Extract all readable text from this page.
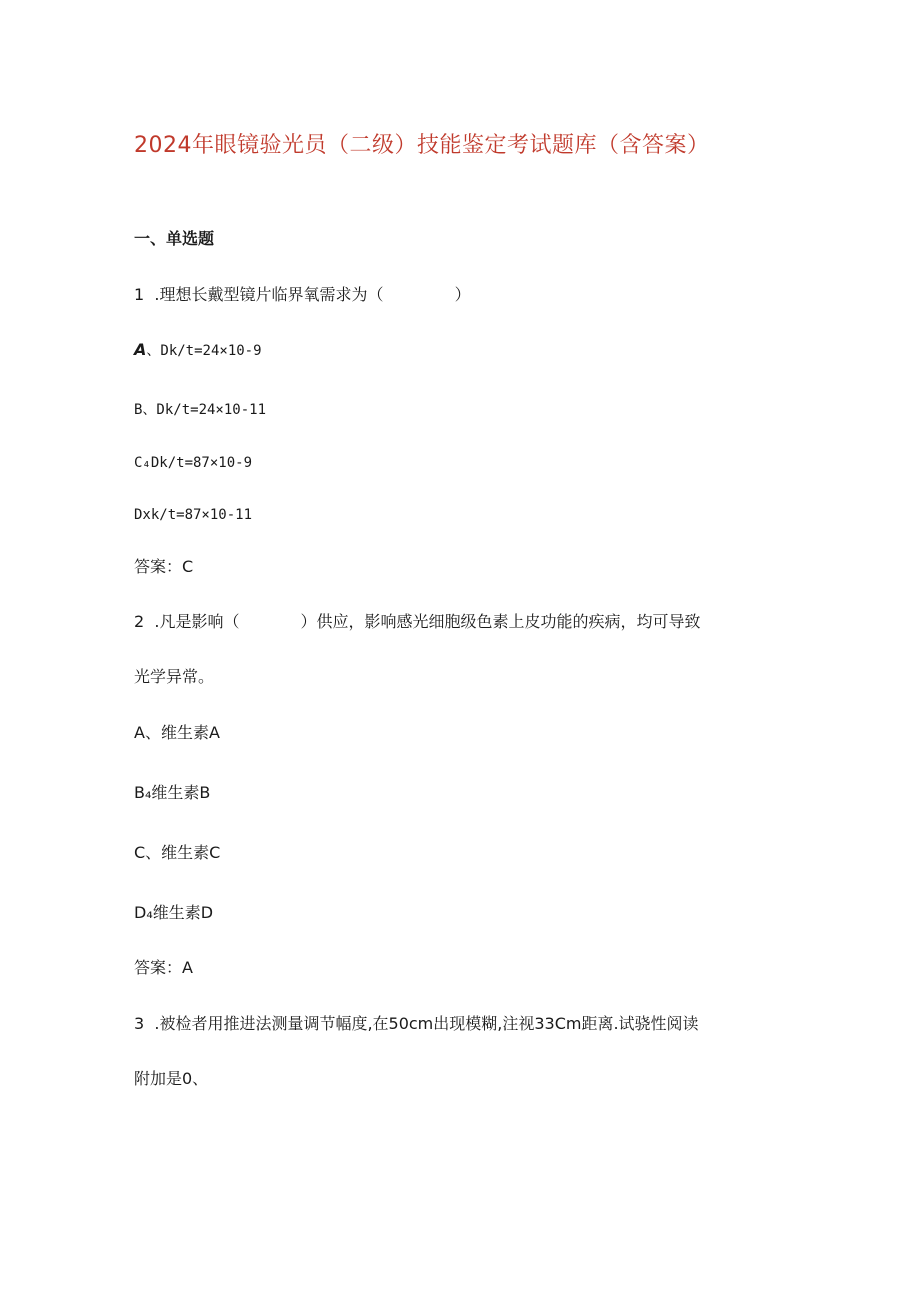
2024年眼镜验光员（二级）技能鉴定考试题库（含答案）
一、单选题
1  .理想长戴型镜片临界氧需求为（              ）
A、Dk/t=24×10-9
B、Dk/t=24×10-11
C₄Dk/t=87×10-9
Dxk/t=87×10-11
答案：C
2  .凡是影响（            ）供应，影响感光细胞级色素上皮功能的疾病，均可导致
光学异常。
A、维生素A
B₄维生素B
C、维生素C
D₄维生素D
答案：A
3  .被检者用推进法测量调节幅度,在50cm出现模糊,注视33Cm距离.试骁性阅读
附加是0、
